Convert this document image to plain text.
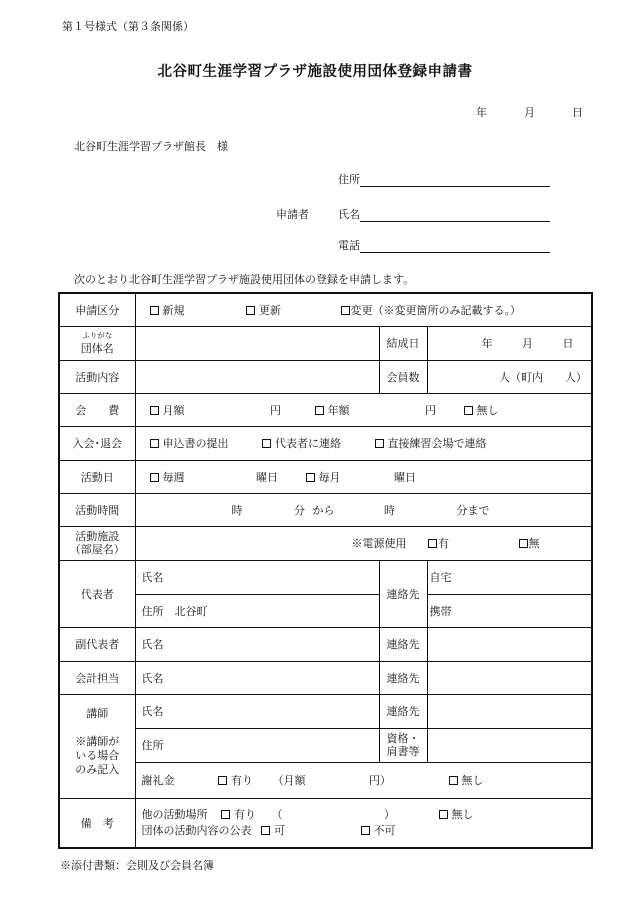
第１号様式（第３条関係）
北谷町生涯学習プラザ施設使用団体登録申請書
年	月	日
北谷町生涯学習プラザ館長　様
住所
申請者	氏名
電話
次のとおり北谷町生涯学習プラザ施設使用団体の登録を申請します。
申請区分	新規 更新 変更（※変更箇所のみ記載する。）		

ふりがな
団体名		結成日	年 月 日
活動内容		会員数	人（町内　　人）
会　　費	月額 円 年額 円 無し		
入会･退会	申込書の提出 代表者に連絡 直接練習会場で連絡		
活動日	毎週 曜日 毎月 曜日		
活動時間	時 分 から 時 分まで		
活動施設
（部屋名）	※電源使用 有 無		
代表者	氏名	連絡先	自宅
	住所　北谷町		携帯
副代表者	氏名	連絡先	
会計担当	氏名	連絡先	
講師

※講師が
いる場合
のみ記入	氏名	連絡先	
	住所	資格・
肩書等	
	謝礼金 有り （月額 円） 無し		
備　考	他の活動場所 有り （ ） 無し
団体の活動内容の公表 可 不可		
※添付書類：会則及び会員名簿
